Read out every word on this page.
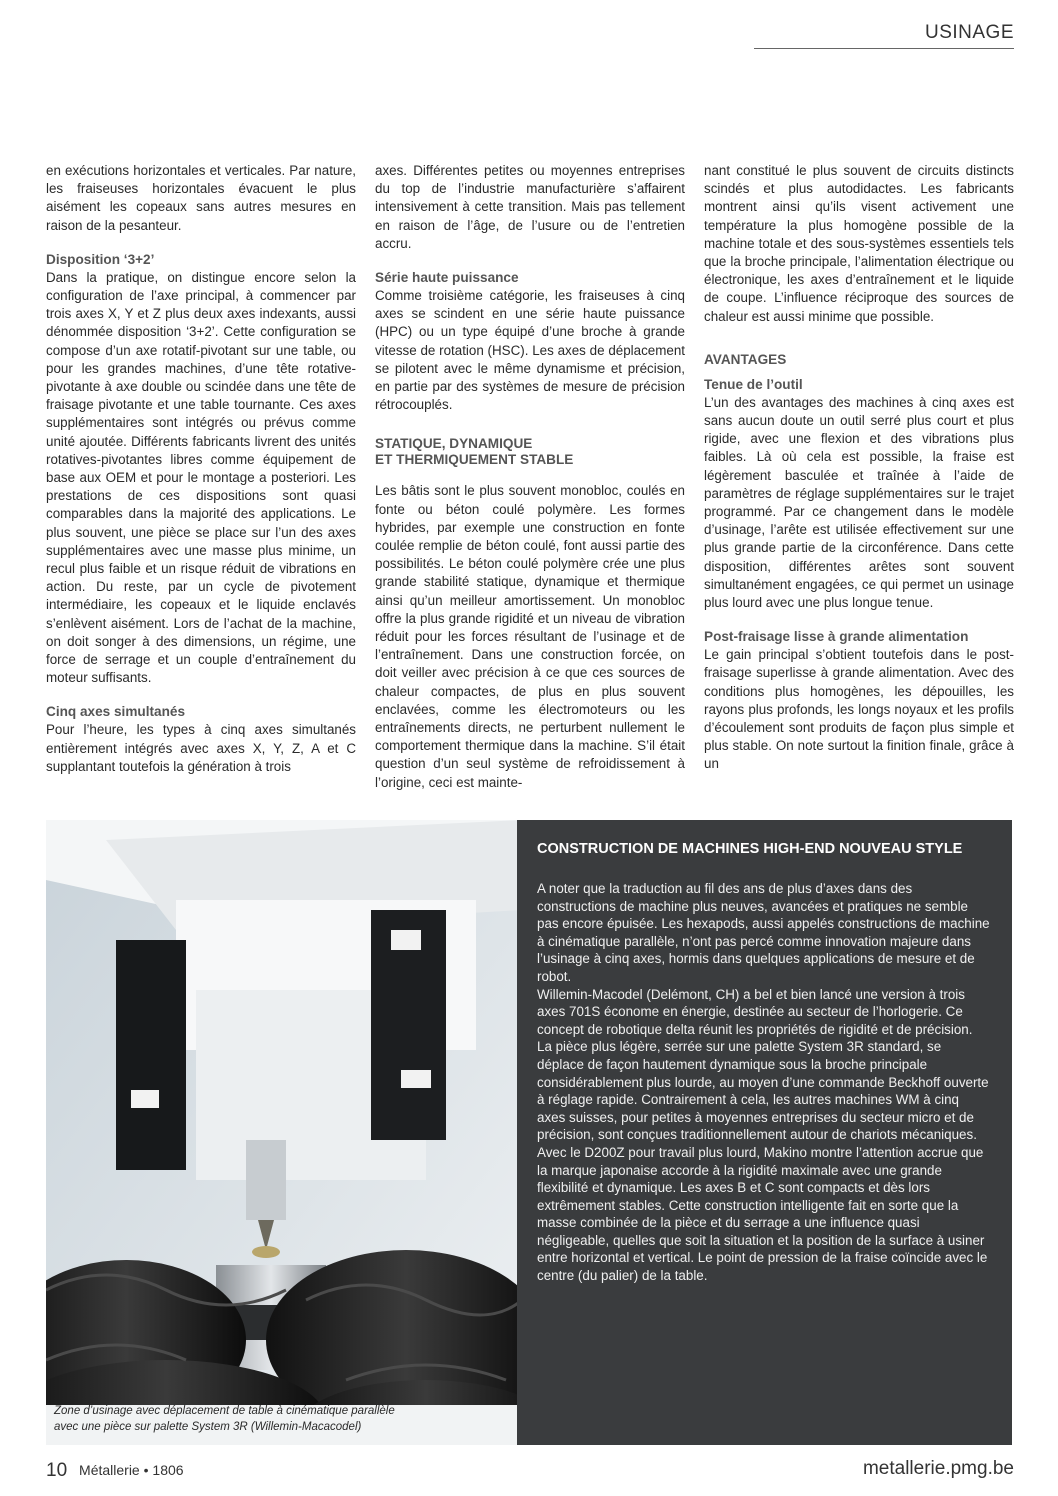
USINAGE

en exécutions horizontales et verticales. Par nature, les fraiseuses horizontales évacuent le plus aisément les copeaux sans autres mesures en raison de la pesanteur.

Disposition ‘3+2’

Dans la pratique, on distingue encore selon la configuration de l’axe principal, à commencer par trois axes X, Y et Z plus deux axes indexants, aussi dénommée disposition ‘3+2’. Cette configuration se compose d’un axe rotatif-pivotant sur une table, ou pour les grandes machines, d’une tête rotative-pivotante à axe double ou scindée dans une tête de fraisage pivotante et une table tournante. Ces axes supplémentaires sont intégrés ou prévus comme unité ajoutée. Différents fabricants livrent des unités rotatives-pivotantes libres comme équipement de base aux OEM et pour le montage a posteriori. Les prestations de ces dispositions sont quasi comparables dans la majorité des applications. Le plus souvent, une pièce se place sur l’un des axes supplémentaires avec une masse plus minime, un recul plus faible et un risque réduit de vibrations en action. Du reste, par un cycle de pivotement intermédiaire, les copeaux et le liquide enclavés s’enlèvent aisément. Lors de l’achat de la machine, on doit songer à des dimensions, un régime, une force de serrage et un couple d’entraînement du moteur suffisants.

Cinq axes simultanés

Pour l’heure, les types à cinq axes simultanés entièrement intégrés avec axes X, Y, Z, A et C supplantant toutefois la génération à trois

axes. Différentes petites ou moyennes entreprises du top de l’industrie manufacturière s’affairent intensivement à cette transition. Mais pas tellement en raison de l’âge, de l’usure ou de l’entretien accru.

Série haute puissance

Comme troisième catégorie, les fraiseuses à cinq axes se scindent en une série haute puissance (HPC) ou un type équipé d’une broche à grande vitesse de rotation (HSC). Les axes de déplacement se pilotent avec le même dynamisme et précision, en partie par des systèmes de mesure de précision rétrocouplés.

STATIQUE, DYNAMIQUE
ET THERMIQUEMENT STABLE

Les bâtis sont le plus souvent monobloc, coulés en fonte ou béton coulé polymère. Les formes hybrides, par exemple une construction en fonte coulée remplie de béton coulé, font aussi partie des possibilités. Le béton coulé polymère crée une plus grande stabilité statique, dynamique et thermique ainsi qu’un meilleur amortissement. Un monobloc offre la plus grande rigidité et un niveau de vibration réduit pour les forces résultant de l’usinage et de l’entraînement. Dans une construction forcée, on doit veiller avec précision à ce que ces sources de chaleur compactes, de plus en plus souvent enclavées, comme les électromoteurs ou les entraînements directs, ne perturbent nullement le comportement thermique dans la machine. S’il était question d’un seul système de refroidissement à l’origine, ceci est mainte-

nant constitué le plus souvent de circuits distincts scindés et plus autodidactes. Les fabricants montrent ainsi qu’ils visent activement une température la plus homogène possible de la machine totale et des sous-systèmes essentiels tels que la broche principale, l’alimentation électrique ou électronique, les axes d’entraînement et le liquide de coupe. L’influence réciproque des sources de chaleur est aussi minime que possible.

AVANTAGES
Tenue de l’outil

L’un des avantages des machines à cinq axes est sans aucun doute un outil serré plus court et plus rigide, avec une flexion et des vibrations plus faibles. Là où cela est possible, la fraise est légèrement basculée et traînée à l’aide de paramètres de réglage supplémentaires sur le trajet programmé. Par ce changement dans le modèle d’usinage, l’arête est utilisée effectivement sur une plus grande partie de la circonférence. Dans cette disposition, différentes arêtes sont souvent simultanément engagées, ce qui permet un usinage plus lourd avec une plus longue tenue.

Post-fraisage lisse à grande alimentation

Le gain principal s’obtient toutefois dans le post-fraisage superlisse à grande alimentation. Avec des conditions plus homogènes, les dépouilles, les rayons plus profonds, les longs noyaux et les profils d’écoulement sont produits de façon plus simple et plus stable. On note surtout la finition finale, grâce à un

Zone d’usinage avec déplacement de table à cinématique parallèle
avec une pièce sur palette System 3R (Willemin-Macacodel)
CONSTRUCTION DE MACHINES HIGH-END NOUVEAU STYLE

A noter que la traduction au fil des ans de plus d’axes dans des constructions de machine plus neuves, avancées et pratiques ne semble pas encore épuisée. Les hexapods, aussi appelés constructions de machine à cinématique parallèle, n’ont pas percé comme innovation majeure dans l’usinage à cinq axes, hormis dans quelques applications de mesure et de robot.

Willemin-Macodel (Delémont, CH) a bel et bien lancé une version à trois axes 701S économe en énergie, destinée au secteur de l’horlogerie. Ce concept de robotique delta réunit les propriétés de rigidité et de précision. La pièce plus légère, serrée sur une palette System 3R standard, se déplace de façon hautement dynamique sous la broche principale considérablement plus lourde, au moyen d’une commande Beckhoff ouverte à réglage rapide. Contrairement à cela, les autres machines WM à cinq axes suisses, pour petites à moyennes entreprises du secteur micro et de précision, sont conçues traditionnellement autour de chariots mécaniques.

Avec le D200Z pour travail plus lourd, Makino montre l’attention accrue que la marque japonaise accorde à la rigidité maximale avec une grande flexibilité et dynamique. Les axes B et C sont compacts et dès lors extrêmement stables. Cette construction intelligente fait en sorte que la masse combinée de la pièce et du serrage a une influence quasi négligeable, quelles que soit la situation et la position de la surface à usiner entre horizontal et vertical. Le point de pression de la fraise coïncide avec le centre (du palier) de la table.

10 Métallerie • 1806	metallerie.pmg.be
